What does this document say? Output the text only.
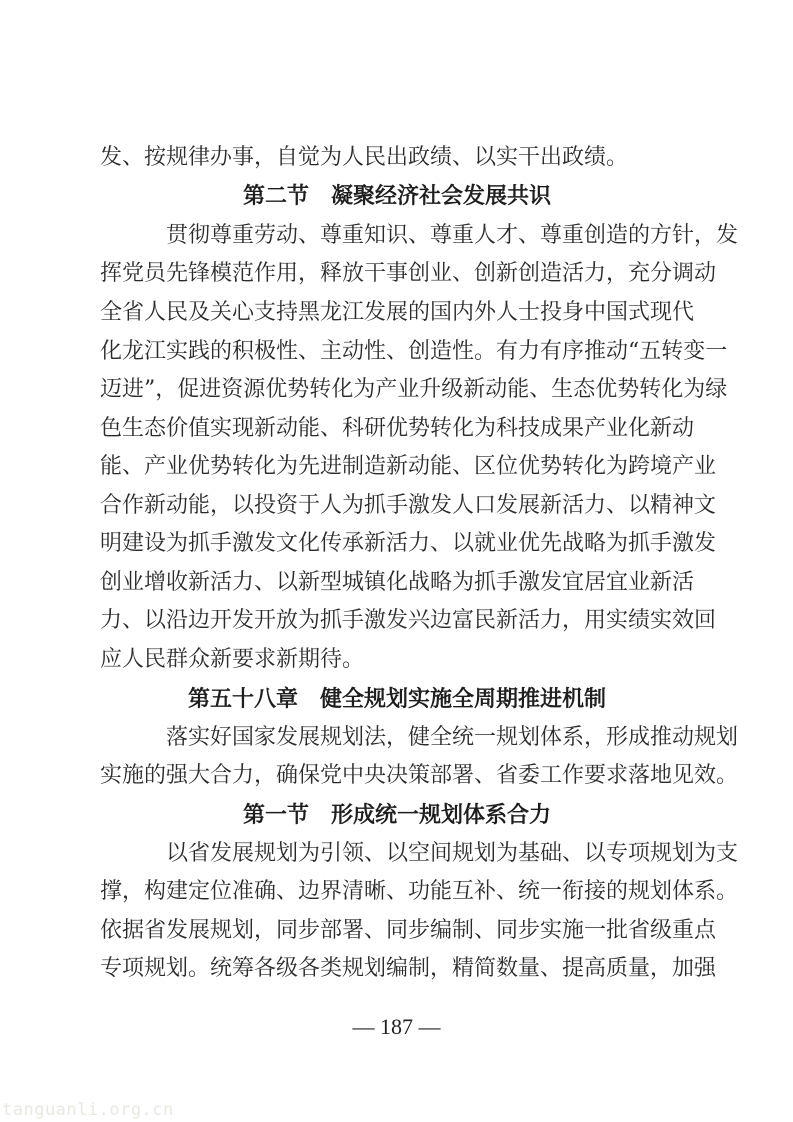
发、按规律办事，自觉为人民出政绩、以实干出政绩。
第二节　凝聚经济社会发展共识
贯彻尊重劳动、尊重知识、尊重人才、尊重创造的方针，发
挥党员先锋模范作用，释放干事创业、创新创造活力，充分调动
全省人民及关心支持黑龙江发展的国内外人士投身中国式现代
化龙江实践的积极性、主动性、创造性。有力有序推动“五转变一
迈进”，促进资源优势转化为产业升级新动能、生态优势转化为绿
色生态价值实现新动能、科研优势转化为科技成果产业化新动
能、产业优势转化为先进制造新动能、区位优势转化为跨境产业
合作新动能，以投资于人为抓手激发人口发展新活力、以精神文
明建设为抓手激发文化传承新活力、以就业优先战略为抓手激发
创业增收新活力、以新型城镇化战略为抓手激发宜居宜业新活
力、以沿边开发开放为抓手激发兴边富民新活力，用实绩实效回
应人民群众新要求新期待。
第五十八章　健全规划实施全周期推进机制
落实好国家发展规划法，健全统一规划体系，形成推动规划
实施的强大合力，确保党中央决策部署、省委工作要求落地见效。
第一节　形成统一规划体系合力
以省发展规划为引领、以空间规划为基础、以专项规划为支
撑，构建定位准确、边界清晰、功能互补、统一衔接的规划体系。
依据省发展规划，同步部署、同步编制、同步实施一批省级重点
专项规划。统筹各级各类规划编制，精简数量、提高质量，加强
— 187 —
tanguanli.org.cn
